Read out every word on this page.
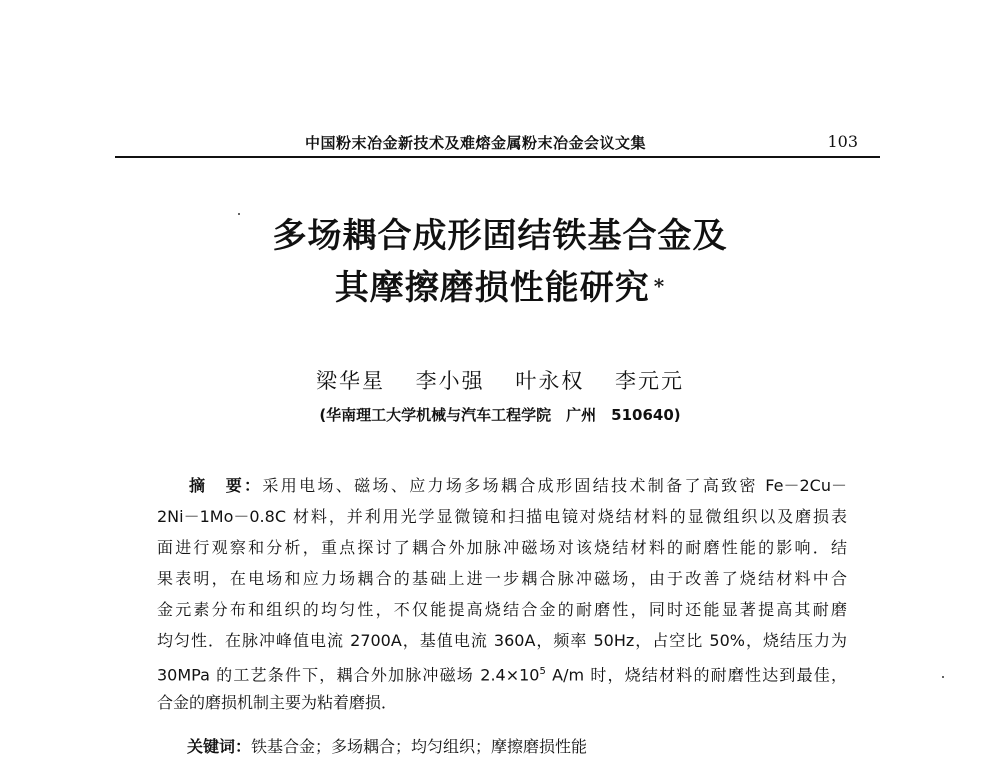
中国粉末冶金新技术及难熔金属粉末冶金会议文集	103
多场耦合成形固结铁基合金及
其摩擦磨损性能研究 *
梁华星 李小强 叶永权 李元元
(华南理工大学机械与汽车工程学院　广州　510640)
摘　要：采用电场、磁场、应力场多场耦合成形固结技术制备了高致密 Fe－2Cu－
2Ni－1Mo－0.8C 材料，并利用光学显微镜和扫描电镜对烧结材料的显微组织以及磨损表
面进行观察和分析，重点探讨了耦合外加脉冲磁场对该烧结材料的耐磨性能的影响．结
果表明，在电场和应力场耦合的基础上进一步耦合脉冲磁场，由于改善了烧结材料中合
金元素分布和组织的均匀性，不仅能提高烧结合金的耐磨性，同时还能显著提高其耐磨
均匀性．在脉冲峰值电流 2700A，基值电流 360A，频率 50Hz，占空比 50%，烧结压力为
30MPa 的工艺条件下，耦合外加脉冲磁场 $2.4\times 10^5$ A/m 时，烧结材料的耐磨性达到最佳，
合金的磨损机制主要为粘着磨损．
关键词：铁基合金；多场耦合；均匀组织；摩擦磨损性能
